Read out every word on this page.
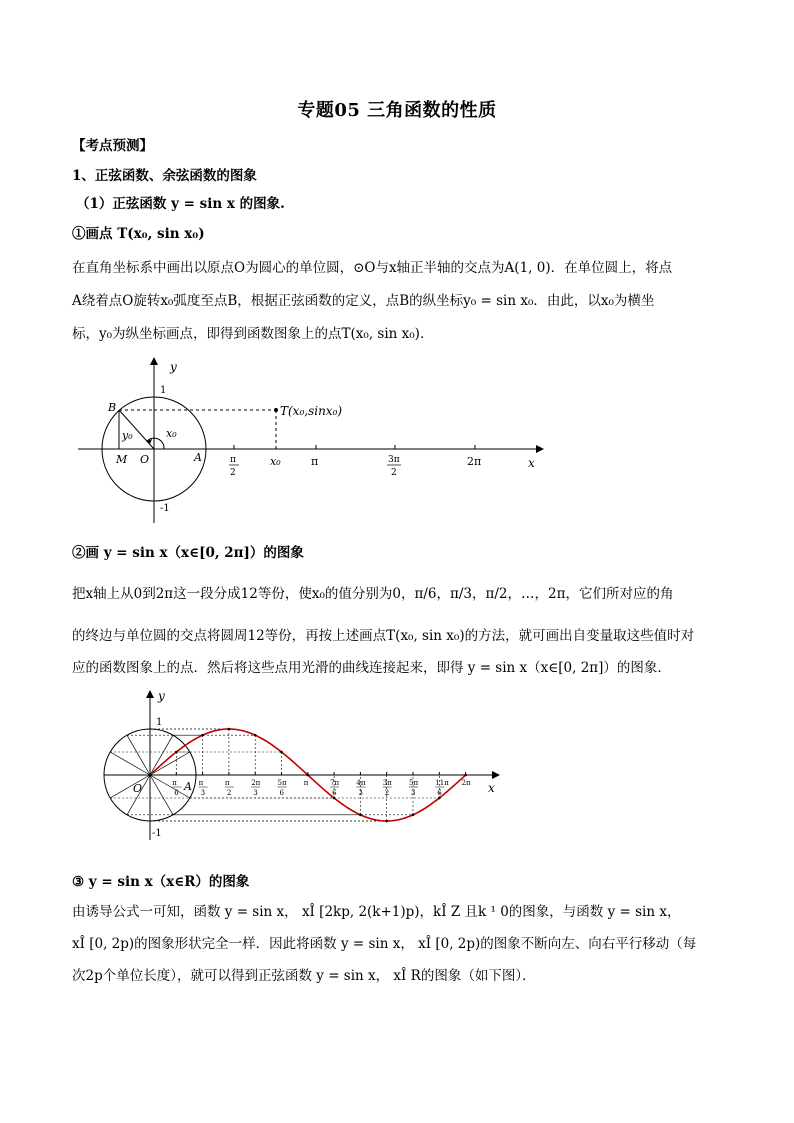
专题05 三角函数的性质
【考点预测】
1、正弦函数、余弦函数的图象
（1）正弦函数 y = sin x 的图象.
①画点 T(x₀, sin x₀)
在直角坐标系中画出以原点O为圆心的单位圆，⊙O与x轴正半轴的交点为A(1, 0)．在单位圆上，将点
A绕着点O旋转x₀弧度至点B，根据正弦函数的定义，点B的纵坐标y₀ = sin x₀．由此，以x₀为横坐
标，y₀为纵坐标画点，即得到函数图象上的点T(x₀, sin x₀)．
y
1
-1
B
M O	A
y₀	x₀
T(x₀,sinx₀)
π
2
x₀	π	3π
2
2π	x
②画 y = sin x（x∈[0, 2π]）的图象
把x轴上从0到2π这一段分成12等份，使x₀的值分别为0，π/6，π/3，π/2，…，2π，它们所对应的角
的终边与单位圆的交点将圆周12等份，再按上述画点T(x₀, sin x₀)的方法，就可画出自变量取这些值时对
应的函数图象上的点．然后将这些点用光滑的曲线连接起来，即得 y = sin x（x∈[0, 2π]）的图象．
π
6
π
3
π
2
2π
3
5π
6
π	7π
6
4π
3
3π
2
5π
3
11π
6
2π
y
1
-1
O	A	x
③ y = sin x（x∈R）的图象
由诱导公式一可知，函数 y = sin x， xÎ [2kp, 2(k+1)p)，kÎ Z 且k ¹ 0的图象，与函数 y = sin x，
xÎ [0, 2p)的图象形状完全一样．因此将函数 y = sin x， xÎ [0, 2p)的图象不断向左、向右平行移动（每
次2p个单位长度），就可以得到正弦函数 y = sin x， xÎ R的图象（如下图）．
